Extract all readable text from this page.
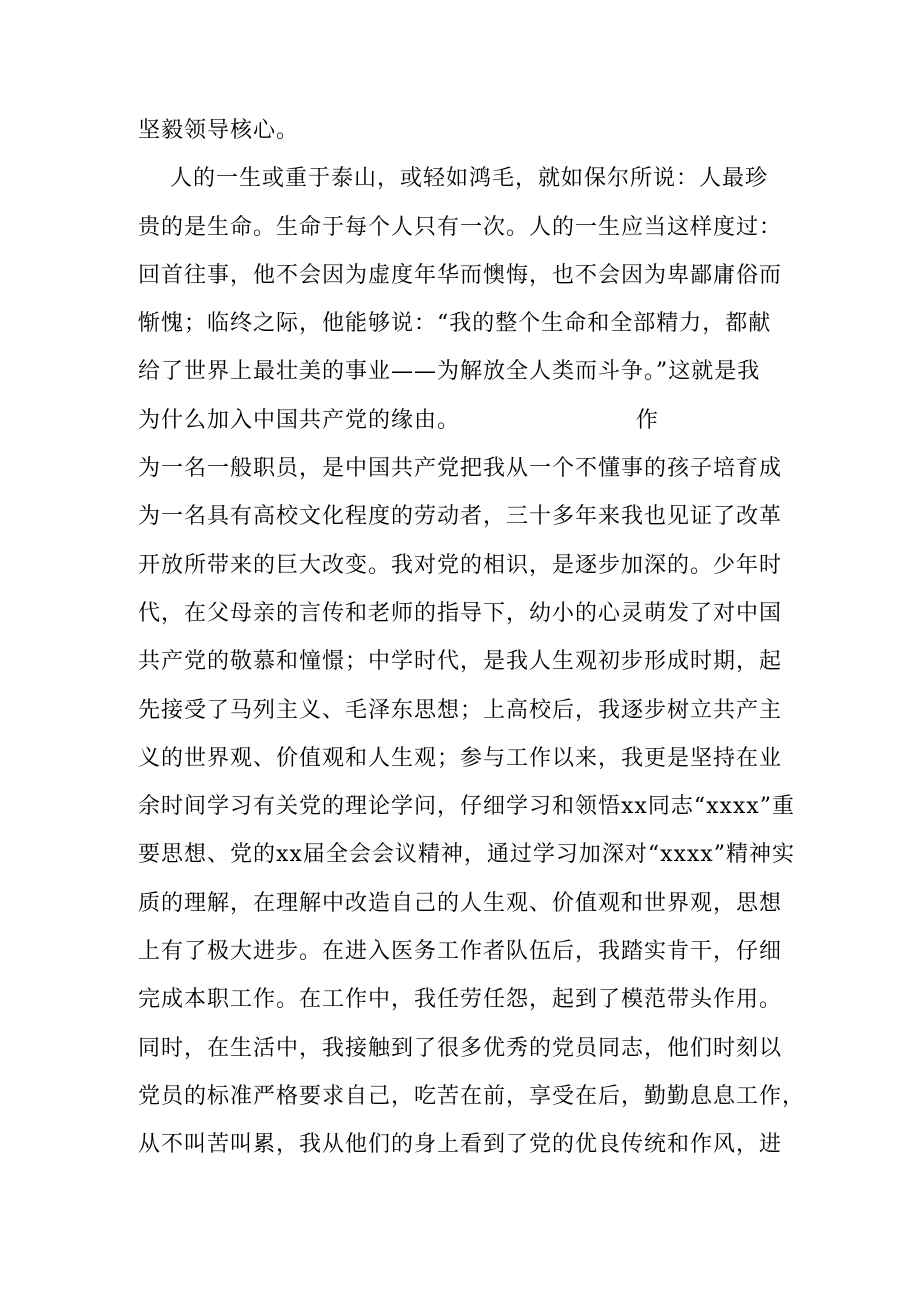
坚毅领导核心。
人的一生或重于泰山，或轻如鸿毛，就如保尔所说：人最珍
贵的是生命。生命于每个人只有一次。人的一生应当这样度过：
回首往事，他不会因为虚度年华而懊悔，也不会因为卑鄙庸俗而
惭愧；临终之际，他能够说：“我的整个生命和全部精力，都献
给了世界上最壮美的事业——为解放全人类而斗争。”这就是我
为什么加入中国共产党的缘由。                      作
为一名一般职员，是中国共产党把我从一个不懂事的孩子培育成
为一名具有高校文化程度的劳动者，三十多年来我也见证了改革
开放所带来的巨大改变。我对党的相识，是逐步加深的。少年时
代，在父母亲的言传和老师的指导下，幼小的心灵萌发了对中国
共产党的敬慕和憧憬；中学时代，是我人生观初步形成时期，起
先接受了马列主义、毛泽东思想；上高校后，我逐步树立共产主
义的世界观、价值观和人生观；参与工作以来，我更是坚持在业
余时间学习有关党的理论学问，仔细学习和领悟xx同志“xxxx”重
要思想、党的xx届全会会议精神，通过学习加深对“xxxx”精神实
质的理解，在理解中改造自己的人生观、价值观和世界观，思想
上有了极大进步。在进入医务工作者队伍后，我踏实肯干，仔细
完成本职工作。在工作中，我任劳任怨，起到了模范带头作用。
同时，在生活中，我接触到了很多优秀的党员同志，他们时刻以
党员的标准严格要求自己，吃苦在前，享受在后，勤勤息息工作，
从不叫苦叫累，我从他们的身上看到了党的优良传统和作风，进
